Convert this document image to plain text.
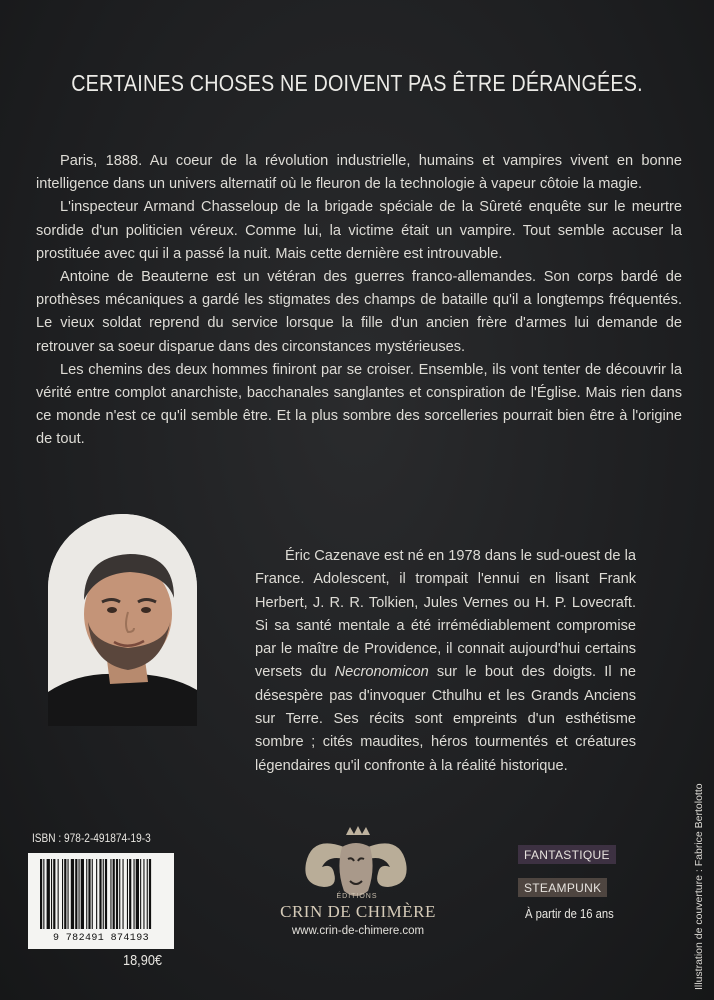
CERTAINES CHOSES NE DOIVENT PAS ÊTRE DÉRANGÉES.

Paris, 1888. Au coeur de la révolution industrielle, humains et vampires vivent en bonne intelligence dans un univers alternatif où le fleuron de la technologie à vapeur côtoie la magie.

L'inspecteur Armand Chasseloup de la brigade spéciale de la Sûreté enquête sur le meurtre sordide d'un politicien véreux. Comme lui, la victime était un vampire. Tout semble accuser la prostituée avec qui il a passé la nuit. Mais cette dernière est introuvable.

Antoine de Beauterne est un vétéran des guerres franco-allemandes. Son corps bardé de prothèses mécaniques a gardé les stigmates des champs de bataille qu'il a longtemps fréquentés. Le vieux soldat reprend du service lorsque la fille d'un ancien frère d'armes lui demande de retrouver sa soeur disparue dans des circonstances mystérieuses.

Les chemins des deux hommes finiront par se croiser. Ensemble, ils vont tenter de découvrir la vérité entre complot anarchiste, bacchanales sanglantes et conspiration de l'Église. Mais rien dans ce monde n'est ce qu'il semble être. Et la plus sombre des sorcelleries pourrait bien être à l'origine de tout.

Éric Cazenave est né en 1978 dans le sud-ouest de la France. Adolescent, il trompait l'ennui en lisant Frank Herbert, J. R. R. Tolkien, Jules Vernes ou H. P. Lovecraft. Si sa santé mentale a été irrémédiablement compromise par le maître de Providence, il connait aujourd'hui certains versets du Necronomicon sur le bout des doigts. Il ne désespère pas d'invoquer Cthulhu et les Grands Anciens sur Terre. Ses récits sont empreints d'un esthétisme sombre ; cités maudites, héros tourmentés et créatures légendaires qu'il confronte à la réalité historique.
ISBN : 978-2-491874-19-3
9 782491 874193
18,90€
ÉDITIONS
CRIN DE CHIMÈRE
www.crin-de-chimere.com
FANTASTIQUE
STEAMPUNK
À partir de 16 ans	Illustration de couverture : Fabrice Bertolotto
